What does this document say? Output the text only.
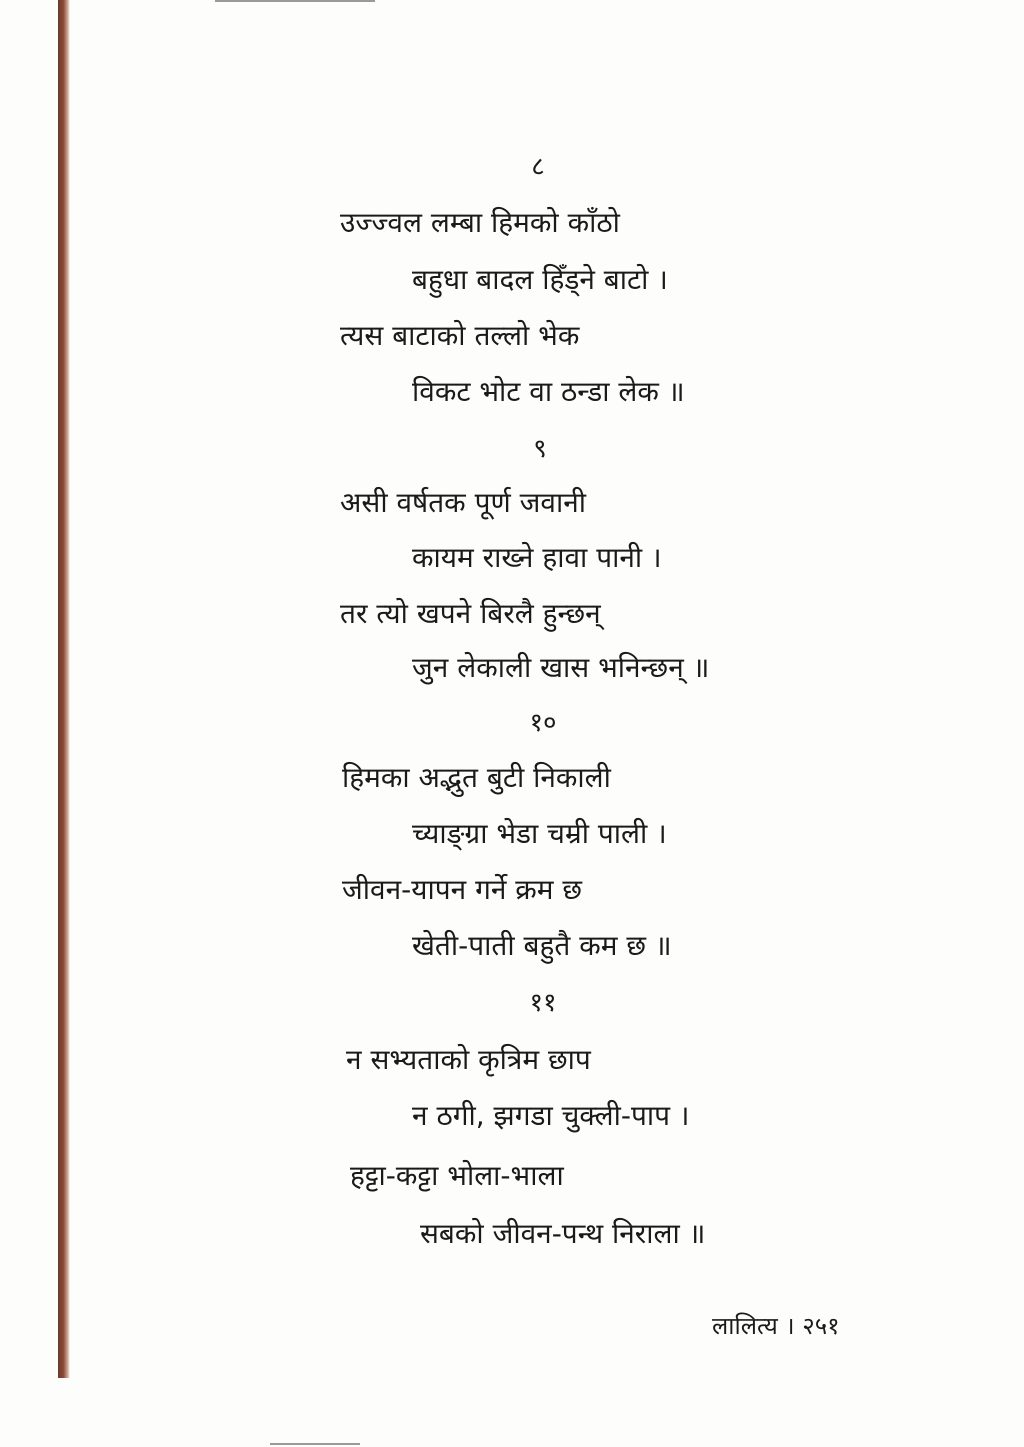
८
उज्ज्वल लम्बा हिमको काँठो
बहुधा बादल हिँड्ने बाटो ।
त्यस बाटाको तल्लो भेक
विकट भोट वा ठन्डा लेक ॥
९
असी वर्षतक पूर्ण जवानी
कायम राख्ने हावा पानी ।
तर त्यो खपने बिरलै हुन्छन्
जुन लेकाली खास भनिन्छन् ॥
१०
हिमका अद्भुत बुटी निकाली
च्याङ्ग्रा भेडा चम्री पाली ।
जीवन-यापन गर्ने क्रम छ
खेती-पाती बहुतै कम छ ॥
११
न सभ्यताको कृत्रिम छाप
न ठगी, झगडा चुक्ली-पाप ।
हट्टा-कट्टा भोला-भाला
सबको जीवन-पन्थ निराला ॥
लालित्य । २५१
